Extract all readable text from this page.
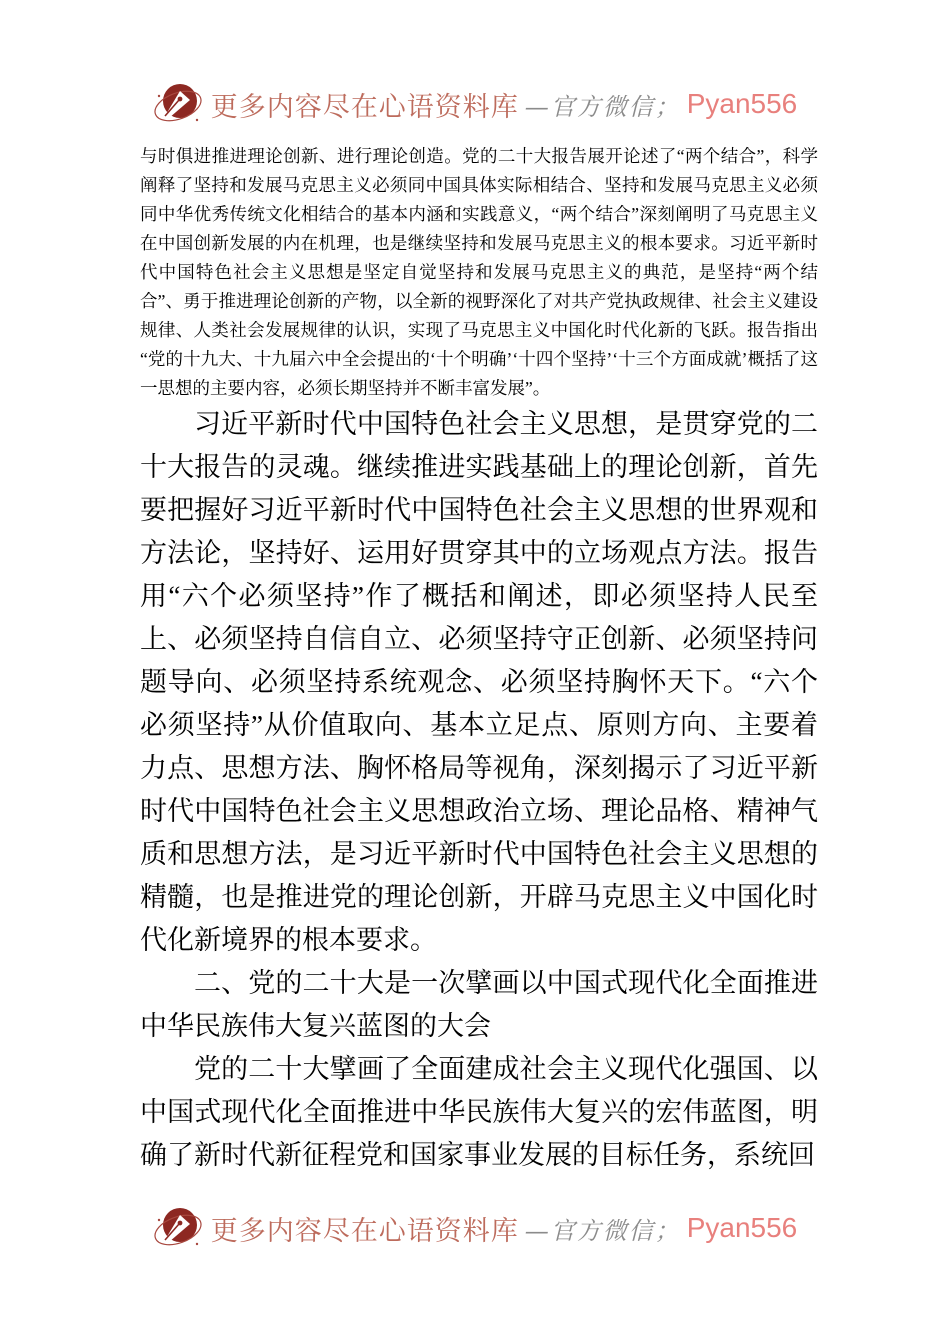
更多内容尽在心语资料库 —官方微信； Pyan556

与时俱进推进理论创新、进行理论创造。党的二十大报告展开论述了“两个结合”，科学阐释了坚持和发展马克思主义必须同中国具体实际相结合、坚持和发展马克思主义必须同中华优秀传统文化相结合的基本内涵和实践意义，“两个结合”深刻阐明了马克思主义在中国创新发展的内在机理，也是继续坚持和发展马克思主义的根本要求。习近平新时代中国特色社会主义思想是坚定自觉坚持和发展马克思主义的典范，是坚持“两个结合”、勇于推进理论创新的产物，以全新的视野深化了对共产党执政规律、社会主义建设规律、人类社会发展规律的认识，实现了马克思主义中国化时代化新的飞跃。报告指出“党的十九大、十九届六中全会提出的‘十个明确’‘十四个坚持’‘十三个方面成就’概括了这一思想的主要内容，必须长期坚持并不断丰富发展”。

习近平新时代中国特色社会主义思想，是贯穿党的二十大报告的灵魂。继续推进实践基础上的理论创新，首先要把握好习近平新时代中国特色社会主义思想的世界观和方法论，坚持好、运用好贯穿其中的立场观点方法。报告用“六个必须坚持”作了概括和阐述，即必须坚持人民至上、必须坚持自信自立、必须坚持守正创新、必须坚持问题导向、必须坚持系统观念、必须坚持胸怀天下。“六个必须坚持”从价值取向、基本立足点、原则方向、主要着力点、思想方法、胸怀格局等视角，深刻揭示了习近平新时代中国特色社会主义思想政治立场、理论品格、精神气质和思想方法，是习近平新时代中国特色社会主义思想的精髓，也是推进党的理论创新，开辟马克思主义中国化时代化新境界的根本要求。

二、党的二十大是一次擘画以中国式现代化全面推进中华民族伟大复兴蓝图的大会

党的二十大擘画了全面建成社会主义现代化强国、以中国式现代化全面推进中华民族伟大复兴的宏伟蓝图，明确了新时代新征程党和国家事业发展的目标任务，系统回

更多内容尽在心语资料库 —官方微信； Pyan556
